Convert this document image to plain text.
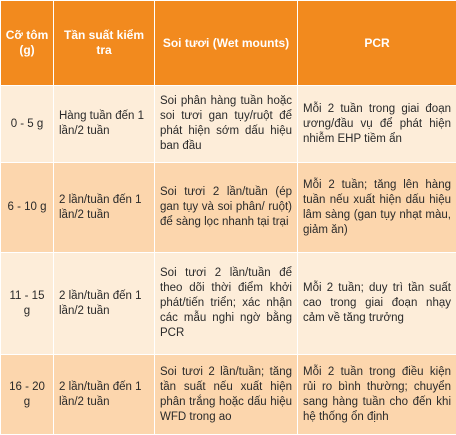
Cỡ tôm (g)	Tần suất kiểm tra	Soi tươi (Wet mounts)	PCR
0 - 5 g	Hàng tuần đến 1 lần/2 tuần	Soi phân hàng tuần hoặc soi tươi gan tụy/ruột để phát hiện sớm dấu hiệu ban đầu	Mỗi 2 tuần trong giai đoạn ương/đầu vụ để phát hiện nhiễm EHP tiềm ẩn
6 - 10 g	2 lần/tuần đến 1 lần/2 tuần	Soi tươi 2 lần/tuần (ép gan tụy và soi phân/ ruột) để sàng lọc nhanh tại trại	Mỗi 2 tuần; tăng lên hàng tuần nếu xuất hiện dấu hiệu lâm sàng (gan tụy nhạt màu, giảm ăn)
11 - 15 g	2 lần/tuần đến 1 lần/2 tuần	Soi tươi 2 lần/tuần để theo dõi thời điểm khởi phát/tiến triển; xác nhận các mẫu nghi ngờ bằng PCR	Mỗi 2 tuần; duy trì tần suất cao trong giai đoạn nhạy cảm về tăng trưởng
16 - 20 g	2 lần/tuần đến 1 lần/2 tuần	Soi tươi 2 lần/tuần; tăng tần suất nếu xuất hiện phân trắng hoặc dấu hiệu WFD trong ao	Mỗi 2 tuần trong điều kiện rủi ro bình thường; chuyển sang hàng tuần cho đến khi hệ thống ổn định
